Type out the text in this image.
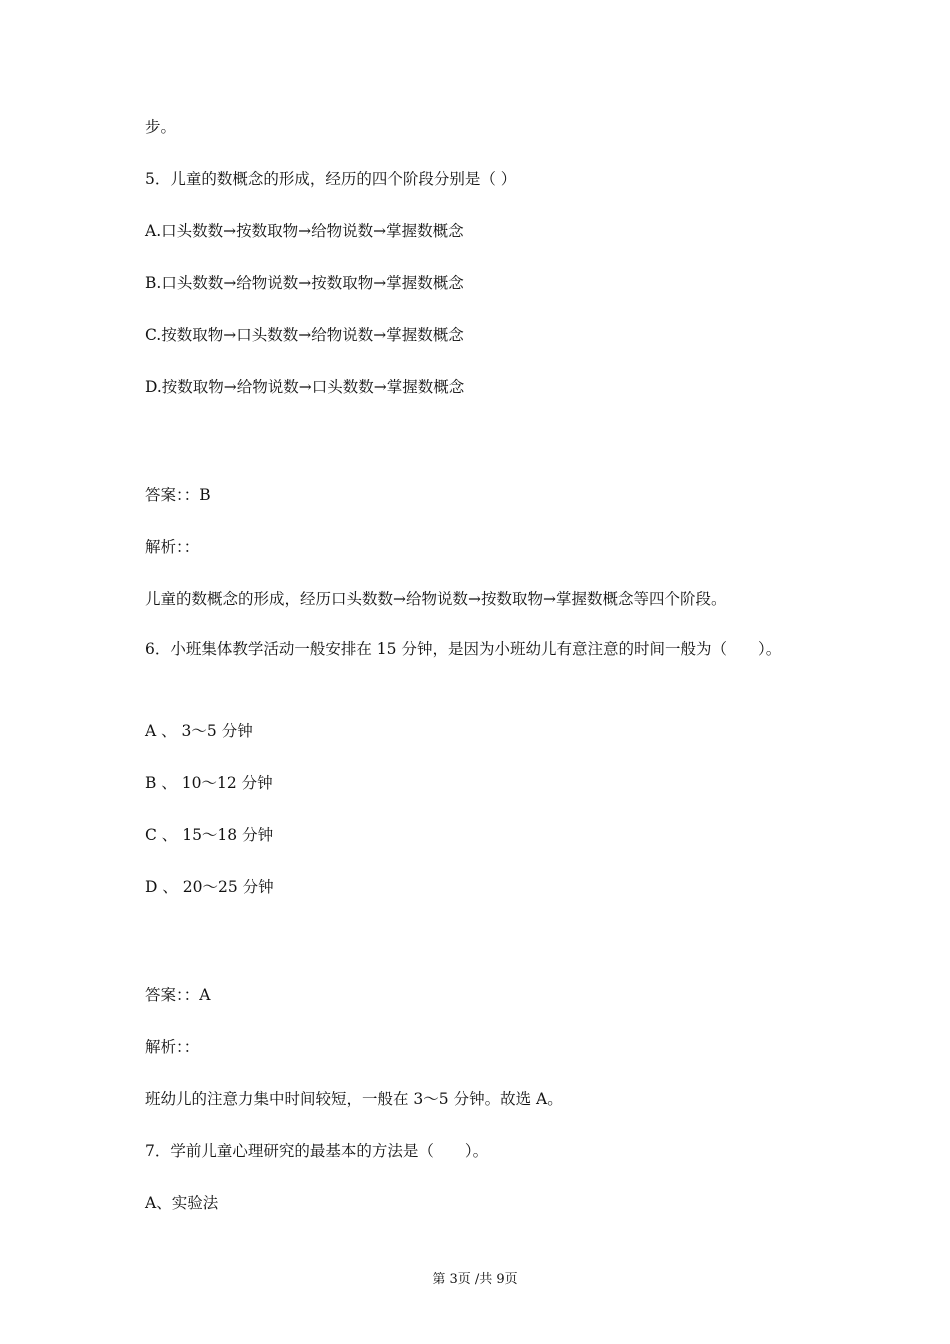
步。
5．儿童的数概念的形成，经历的四个阶段分别是（ ）
A.口头数数→按数取物→给物说数→掌握数概念
B.口头数数→给物说数→按数取物→掌握数概念
C.按数取物→口头数数→给物说数→掌握数概念
D.按数取物→给物说数→口头数数→掌握数概念
答案：：B
解析：：
儿童的数概念的形成，经历口头数数→给物说数→按数取物→掌握数概念等四个阶段。
6．小班集体教学活动一般安排在 15 分钟，是因为小班幼儿有意注意的时间一般为（　　）。
A 、 3～5 分钟
B 、 10～12 分钟
C 、 15～18 分钟
D 、 20～25 分钟
答案：：A
解析：：
班幼儿的注意力集中时间较短，一般在 3～5 分钟。故选 A。
7．学前儿童心理研究的最基本的方法是（　　）。
A、实验法
第 3页 /共 9页
